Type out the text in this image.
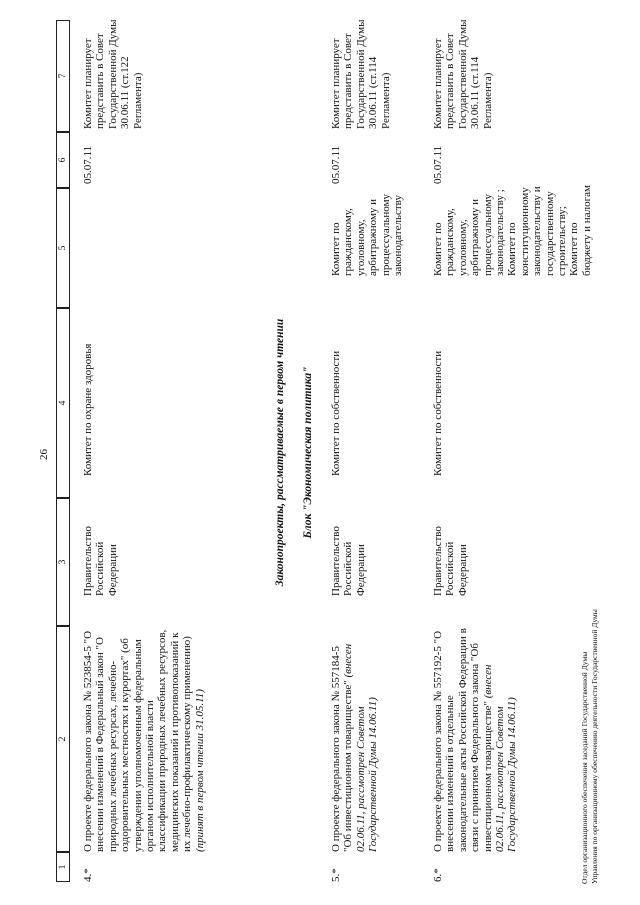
26
1
2
3
4
5
6
7
4.*
О проекте федерального закона № 523854-5 "О внесении изменений в Федеральный закон "О природных лечебных ресурсах, лечебно-оздоровительных местностях и курортах" (об утверждении уполномоченным федеральным органом исполнительной власти классификации природных лечебных ресурсов, медицинских показаний и противопоказаний к их лечебно-профилактическому применению) (принят в первом чтении 31.05.11)
Правительство Российской Федерации
Комитет по охране здоровья
05.07.11
Комитет планирует представить в Совет Государственной Думы 30.06.11 (ст.122 Регламента)
Законопроекты, рассматриваемые в первом чтении Блок "Экономическая политика"
5.*
О проекте федерального закона № 557184-5 "Об инвестиционном товариществе" (внесен 02.06.11, рассмотрен Советом Государственной Думы 14.06.11)
Правительство Российской Федерации
Комитет по собственности
Комитет по гражданскому, уголовному, арбитражному и процессуальному законодательству
05.07.11
Комитет планирует представить в Совет Государственной Думы 30.06.11 (ст.114 Регламента)
6.*
О проекте федерального закона № 557192-5 "О внесении изменений в отдельные законодательные акты Российской Федерации в связи с принятием Федерального закона "Об инвестиционном товариществе" (внесен 02.06.11, рассмотрен Советом Государственной Думы 14.06.11)
Правительство Российской Федерации
Комитет по собственности
Комитет по гражданскому, уголовному, арбитражному и процессуальному законодательству ; Комитет по конституционному законодательству и государственному строительству; Комитет по бюджету и налогам
05.07.11
Комитет планирует представить в Совет Государственной Думы 30.06.11 (ст.114 Регламента)
Отдел организационного обеспечения заседаний Государственной Думы Управления по организационному обеспечению деятельности Государственной Думы
